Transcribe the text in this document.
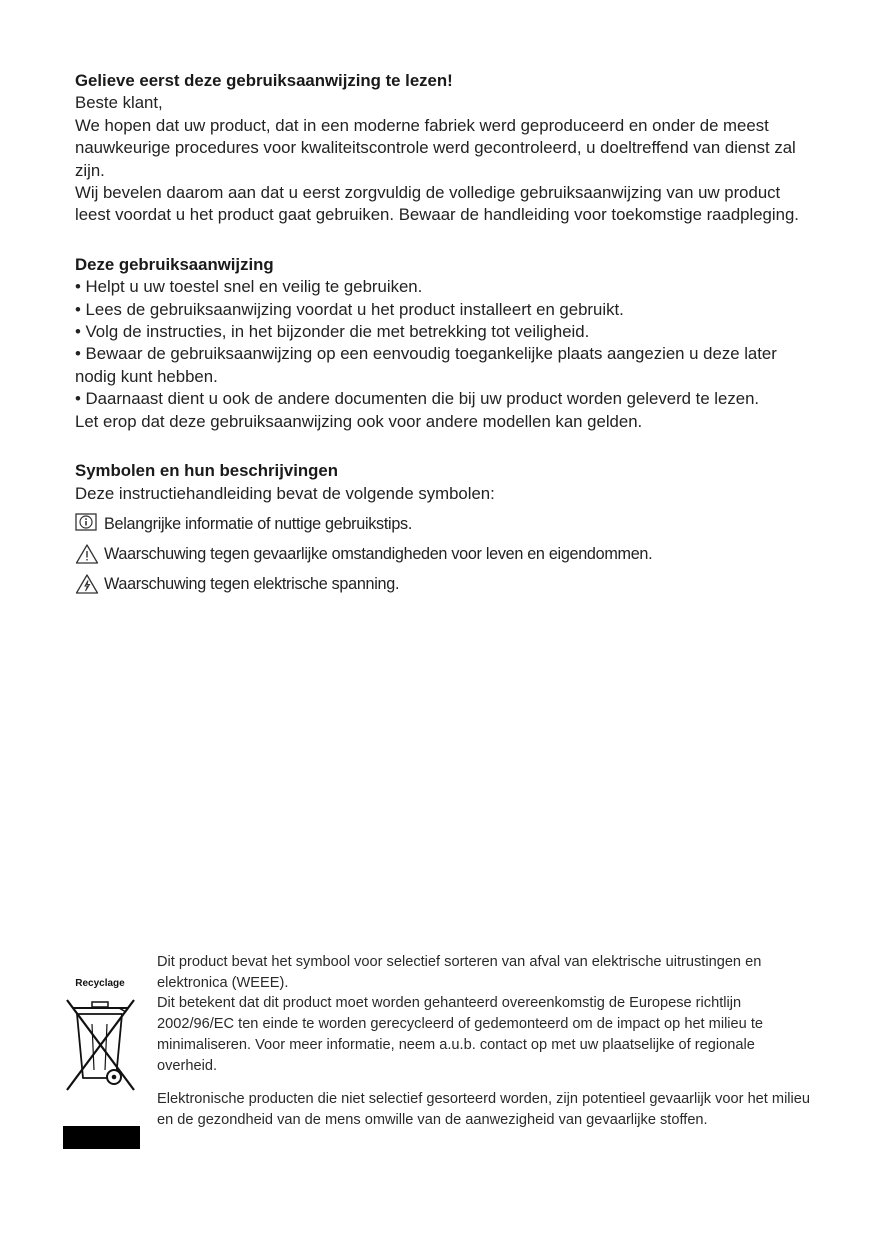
Gelieve eerst deze gebruiksaanwijzing te lezen!

Beste klant,

We hopen dat uw product, dat in een moderne fabriek werd geproduceerd en onder de meest nauwkeurige procedures voor kwaliteitscontrole werd gecontroleerd, u doeltreffend van dienst zal zijn.

Wij bevelen daarom aan dat u eerst zorgvuldig de volledige gebruiksaanwijzing van uw product leest voordat u het product gaat gebruiken. Bewaar de handleiding voor toekomstige raadpleging.

Deze gebruiksaanwijzing

• Helpt u uw toestel snel en veilig te gebruiken.

• Lees de gebruiksaanwijzing voordat u het product installeert en gebruikt.

• Volg de instructies, in het bijzonder die met betrekking tot veiligheid.

• Bewaar de gebruiksaanwijzing op een eenvoudig toegankelijke plaats aangezien u deze later nodig kunt hebben.

• Daarnaast dient u ook de andere documenten die bij uw product worden geleverd te lezen.

Let erop dat deze gebruiksaanwijzing ook voor andere modellen kan gelden.

Symbolen en hun beschrijvingen

Deze instructiehandleiding bevat de volgende symbolen:

Belangrijke informatie of nuttige gebruikstips.
Waarschuwing tegen gevaarlijke omstandigheden voor leven en eigendommen.
Waarschuwing tegen elektrische spanning.
Recyclage

Dit product bevat het symbool voor selectief sorteren van afval van elektrische uitrustingen en elektronica (WEEE).

Dit betekent dat dit product moet worden gehanteerd overeenkomstig de Europese richtlijn 2002/96/EC ten einde te worden gerecycleerd of gedemonteerd om de impact op het milieu te minimaliseren. Voor meer informatie, neem a.u.b. contact op met uw plaatselijke of regionale overheid.

Elektronische producten die niet selectief gesorteerd worden, zijn potentieel gevaarlijk voor het milieu en de gezondheid van de mens omwille van de aanwezigheid van gevaarlijke stoffen.
